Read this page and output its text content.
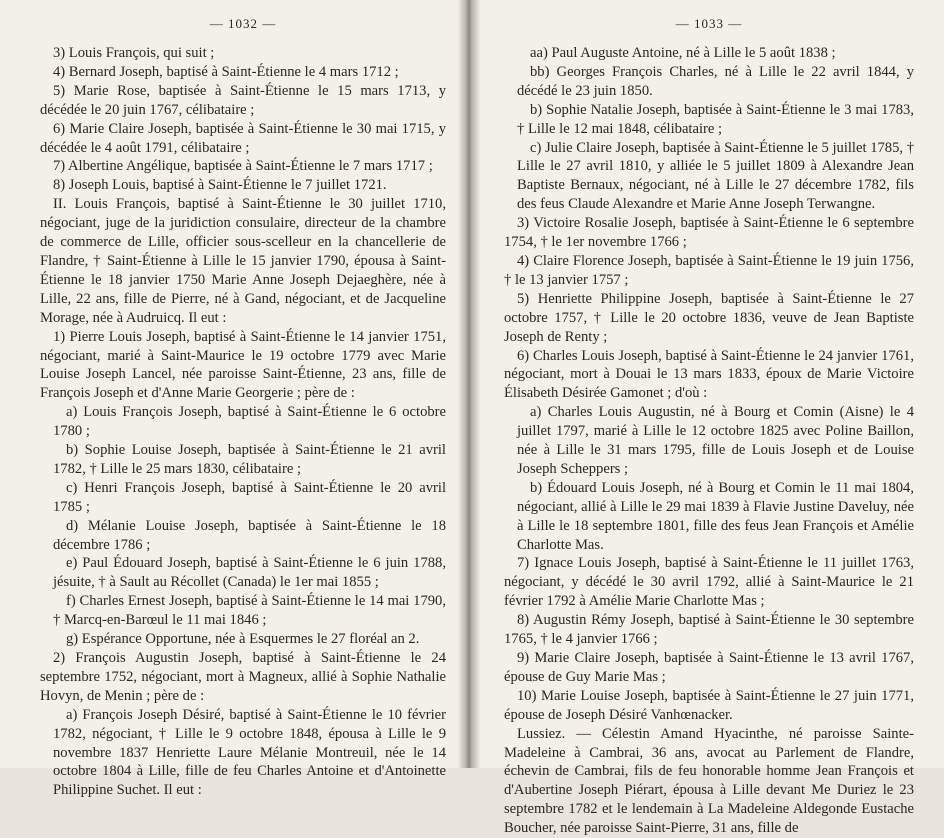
— 1032 —

3) Louis François, qui suit ;

4) Bernard Joseph, baptisé à Saint-Étienne le 4 mars 1712 ;

5) Marie Rose, baptisée à Saint-Étienne le 15 mars 1713, y décédée le 20 juin 1767, célibataire ;

6) Marie Claire Joseph, baptisée à Saint-Étienne le 30 mai 1715, y décédée le 4 août 1791, célibataire ;

7) Albertine Angélique, baptisée à Saint-Étienne le 7 mars 1717 ;

8) Joseph Louis, baptisé à Saint-Étienne le 7 juillet 1721.

II. Louis François, baptisé à Saint-Étienne le 30 juillet 1710, négociant, juge de la juridiction consulaire, directeur de la chambre de commerce de Lille, officier sous-scelleur en la chancellerie de Flandre, † Saint-Étienne à Lille le 15 janvier 1790, épousa à Saint-Étienne le 18 janvier 1750 Marie Anne Joseph Dejaeghère, née à Lille, 22 ans, fille de Pierre, né à Gand, négociant, et de Jacqueline Morage, née à Audruicq. Il eut :

1) Pierre Louis Joseph, baptisé à Saint-Étienne le 14 janvier 1751, négociant, marié à Saint-Maurice le 19 octobre 1779 avec Marie Louise Joseph Lancel, née paroisse Saint-Étienne, 23 ans, fille de François Joseph et d'Anne Marie Georgerie ; père de :

a) Louis François Joseph, baptisé à Saint-Étienne le 6 octobre 1780 ;

b) Sophie Louise Joseph, baptisée à Saint-Étienne le 21 avril 1782, † Lille le 25 mars 1830, célibataire ;

c) Henri François Joseph, baptisé à Saint-Étienne le 20 avril 1785 ;

d) Mélanie Louise Joseph, baptisée à Saint-Étienne le 18 décembre 1786 ;

e) Paul Édouard Joseph, baptisé à Saint-Étienne le 6 juin 1788, jésuite, † à Sault au Récollet (Canada) le 1er mai 1855 ;

f) Charles Ernest Joseph, baptisé à Saint-Étienne le 14 mai 1790, † Marcq-en-Barœul le 11 mai 1846 ;

g) Espérance Opportune, née à Esquermes le 27 floréal an 2.

2) François Augustin Joseph, baptisé à Saint-Étienne le 24 septembre 1752, négociant, mort à Magneux, allié à Sophie Nathalie Hovyn, de Menin ; père de :

a) François Joseph Désiré, baptisé à Saint-Étienne le 10 février 1782, négociant, † Lille le 9 octobre 1848, épousa à Lille le 9 novembre 1837 Henriette Laure Mélanie Montreuil, née le 14 octobre 1804 à Lille, fille de feu Charles Antoine et d'Antoinette Philippine Suchet. Il eut :

— 1033 —

aa) Paul Auguste Antoine, né à Lille le 5 août 1838 ;

bb) Georges François Charles, né à Lille le 22 avril 1844, y décédé le 23 juin 1850.

b) Sophie Natalie Joseph, baptisée à Saint-Étienne le 3 mai 1783, † Lille le 12 mai 1848, célibataire ;

c) Julie Claire Joseph, baptisée à Saint-Étienne le 5 juillet 1785, † Lille le 27 avril 1810, y alliée le 5 juillet 1809 à Alexandre Jean Baptiste Bernaux, négociant, né à Lille le 27 décembre 1782, fils des feus Claude Alexandre et Marie Anne Joseph Terwangne.

3) Victoire Rosalie Joseph, baptisée à Saint-Étienne le 6 septembre 1754, † le 1er novembre 1766 ;

4) Claire Florence Joseph, baptisée à Saint-Étienne le 19 juin 1756, † le 13 janvier 1757 ;

5) Henriette Philippine Joseph, baptisée à Saint-Étienne le 27 octobre 1757, † Lille le 20 octobre 1836, veuve de Jean Baptiste Joseph de Renty ;

6) Charles Louis Joseph, baptisé à Saint-Étienne le 24 janvier 1761, négociant, mort à Douai le 13 mars 1833, époux de Marie Victoire Élisabeth Désirée Gamonet ; d'où :

a) Charles Louis Augustin, né à Bourg et Comin (Aisne) le 4 juillet 1797, marié à Lille le 12 octobre 1825 avec Poline Baillon, née à Lille le 31 mars 1795, fille de Louis Joseph et de Louise Joseph Scheppers ;

b) Édouard Louis Joseph, né à Bourg et Comin le 11 mai 1804, négociant, allié à Lille le 29 mai 1839 à Flavie Justine Daveluy, née à Lille le 18 septembre 1801, fille des feus Jean François et Amélie Charlotte Mas.

7) Ignace Louis Joseph, baptisé à Saint-Étienne le 11 juillet 1763, négociant, y décédé le 30 avril 1792, allié à Saint-Maurice le 21 février 1792 à Amélie Marie Charlotte Mas ;

8) Augustin Rémy Joseph, baptisé à Saint-Étienne le 30 septembre 1765, † le 4 janvier 1766 ;

9) Marie Claire Joseph, baptisée à Saint-Étienne le 13 avril 1767, épouse de Guy Marie Mas ;

10) Marie Louise Joseph, baptisée à Saint-Étienne le 27 juin 1771, épouse de Joseph Désiré Vanhœnacker.

Lussiez. — Célestin Amand Hyacinthe, né paroisse Sainte-Madeleine à Cambrai, 36 ans, avocat au Parlement de Flandre, échevin de Cambrai, fils de feu honorable homme Jean François et d'Aubertine Joseph Piérart, épousa à Lille devant Me Duriez le 23 septembre 1782 et le lendemain à La Madeleine Aldegonde Eustache Boucher, née paroisse Saint-Pierre, 31 ans, fille de
